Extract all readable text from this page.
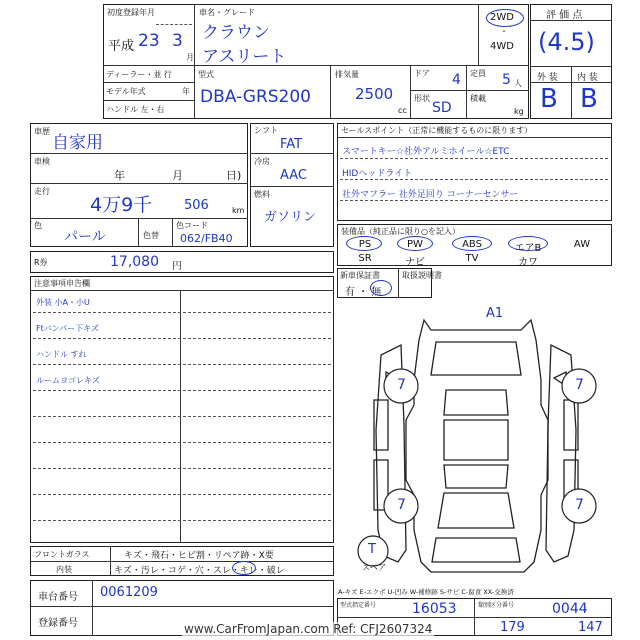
初度登録年月
平成 23 3
月
車名・グレード
クラウン
アスリート
2WD
・
4WD
ディーラー・並 行
モデル年式	年
ハンドル 左・右
型式
DBA-GRS200
排気量
2500
cc
ドア 4 定員 5 人
形状
SD
積載
kg
評 価 点
(4.5)
外 装 内 装
B B
車歴
自家用
車検
年	月	日)
走行
4万9千 506	km
色
パール	色替
色コード
062/FB40
シフト
FAT
冷房
AAC
燃料
ガソリン
セールスポイント（正常に機能するものに限ります）
スマートキー☆社外アルミホイール☆ETC
HIDヘッドライト
社外マフラー 社外足回り コーナーセンサー
装備品（純正品に限り○を記入）
PS	PW	ABS	エアB	AW
SR	ナビ	TV	カワ
新車保証書
有 ・ 無
取扱説明書
R券	17,080 円
注意事項申告欄
外装 小A・小U
Ftバンパー下キズ
ハンドル すれ
ルームヨゴレキズ
A1
7	7
7	7
T
スペア
A-キズ E-エクボ U-凹み W-補修跡 S-サビ C-腐食 XX-交換済
フロントガラス	キズ・飛石・ヒビ割・リペア跡・X要
内装	キズ・汚レ・コゲ・穴・スレ・キレ・破レ
車台番号 0061209
登録番号
型式指定番号	16053	類別区分番号	0044
179	147
www.CarFromJapan.com Ref: CFJ2607324
